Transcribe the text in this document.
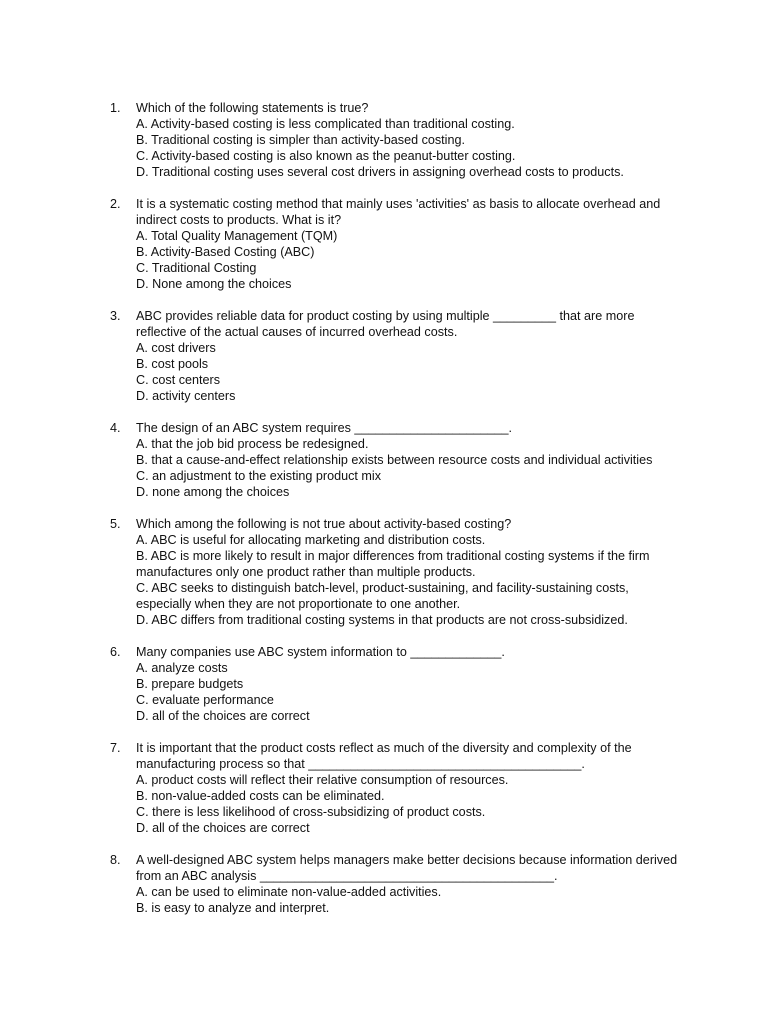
1.	Which of the following statements is true?
A. Activity-based costing is less complicated than traditional costing.
B. Traditional costing is simpler than activity-based costing.
C. Activity-based costing is also known as the peanut-butter costing.
D. Traditional costing uses several cost drivers in assigning overhead costs to products.
2.	It is a systematic costing method that mainly uses 'activities' as basis to allocate overhead and indirect costs to products. What is it?
A. Total Quality Management (TQM)
B. Activity-Based Costing (ABC)
C. Traditional Costing
D. None among the choices
3.	ABC provides reliable data for product costing by using multiple _________ that are more reflective of the actual causes of incurred overhead costs.
A. cost drivers
B. cost pools
C. cost centers
D. activity centers
4.	The design of an ABC system requires ______________________.
A. that the job bid process be redesigned.
B. that a cause-and-effect relationship exists between resource costs and individual activities
C. an adjustment to the existing product mix
D. none among the choices
5.	Which among the following is not true about activity-based costing?
A. ABC is useful for allocating marketing and distribution costs.
B. ABC is more likely to result in major differences from traditional costing systems if the firm manufactures only one product rather than multiple products.
C. ABC seeks to distinguish batch-level, product-sustaining, and facility-sustaining costs, especially when they are not proportionate to one another.
D. ABC differs from traditional costing systems in that products are not cross-subsidized.
6.	Many companies use ABC system information to _____________.
A. analyze costs
B. prepare budgets
C. evaluate performance
D. all of the choices are correct
7.	It is important that the product costs reflect as much of the diversity and complexity of the manufacturing process so that _______________________________________.
A. product costs will reflect their relative consumption of resources.
B. non-value-added costs can be eliminated.
C. there is less likelihood of cross-subsidizing of product costs.
D. all of the choices are correct
8.	A well-designed ABC system helps managers make better decisions because information derived from an ABC analysis __________________________________________.
A. can be used to eliminate non-value-added activities.
B. is easy to analyze and interpret.
